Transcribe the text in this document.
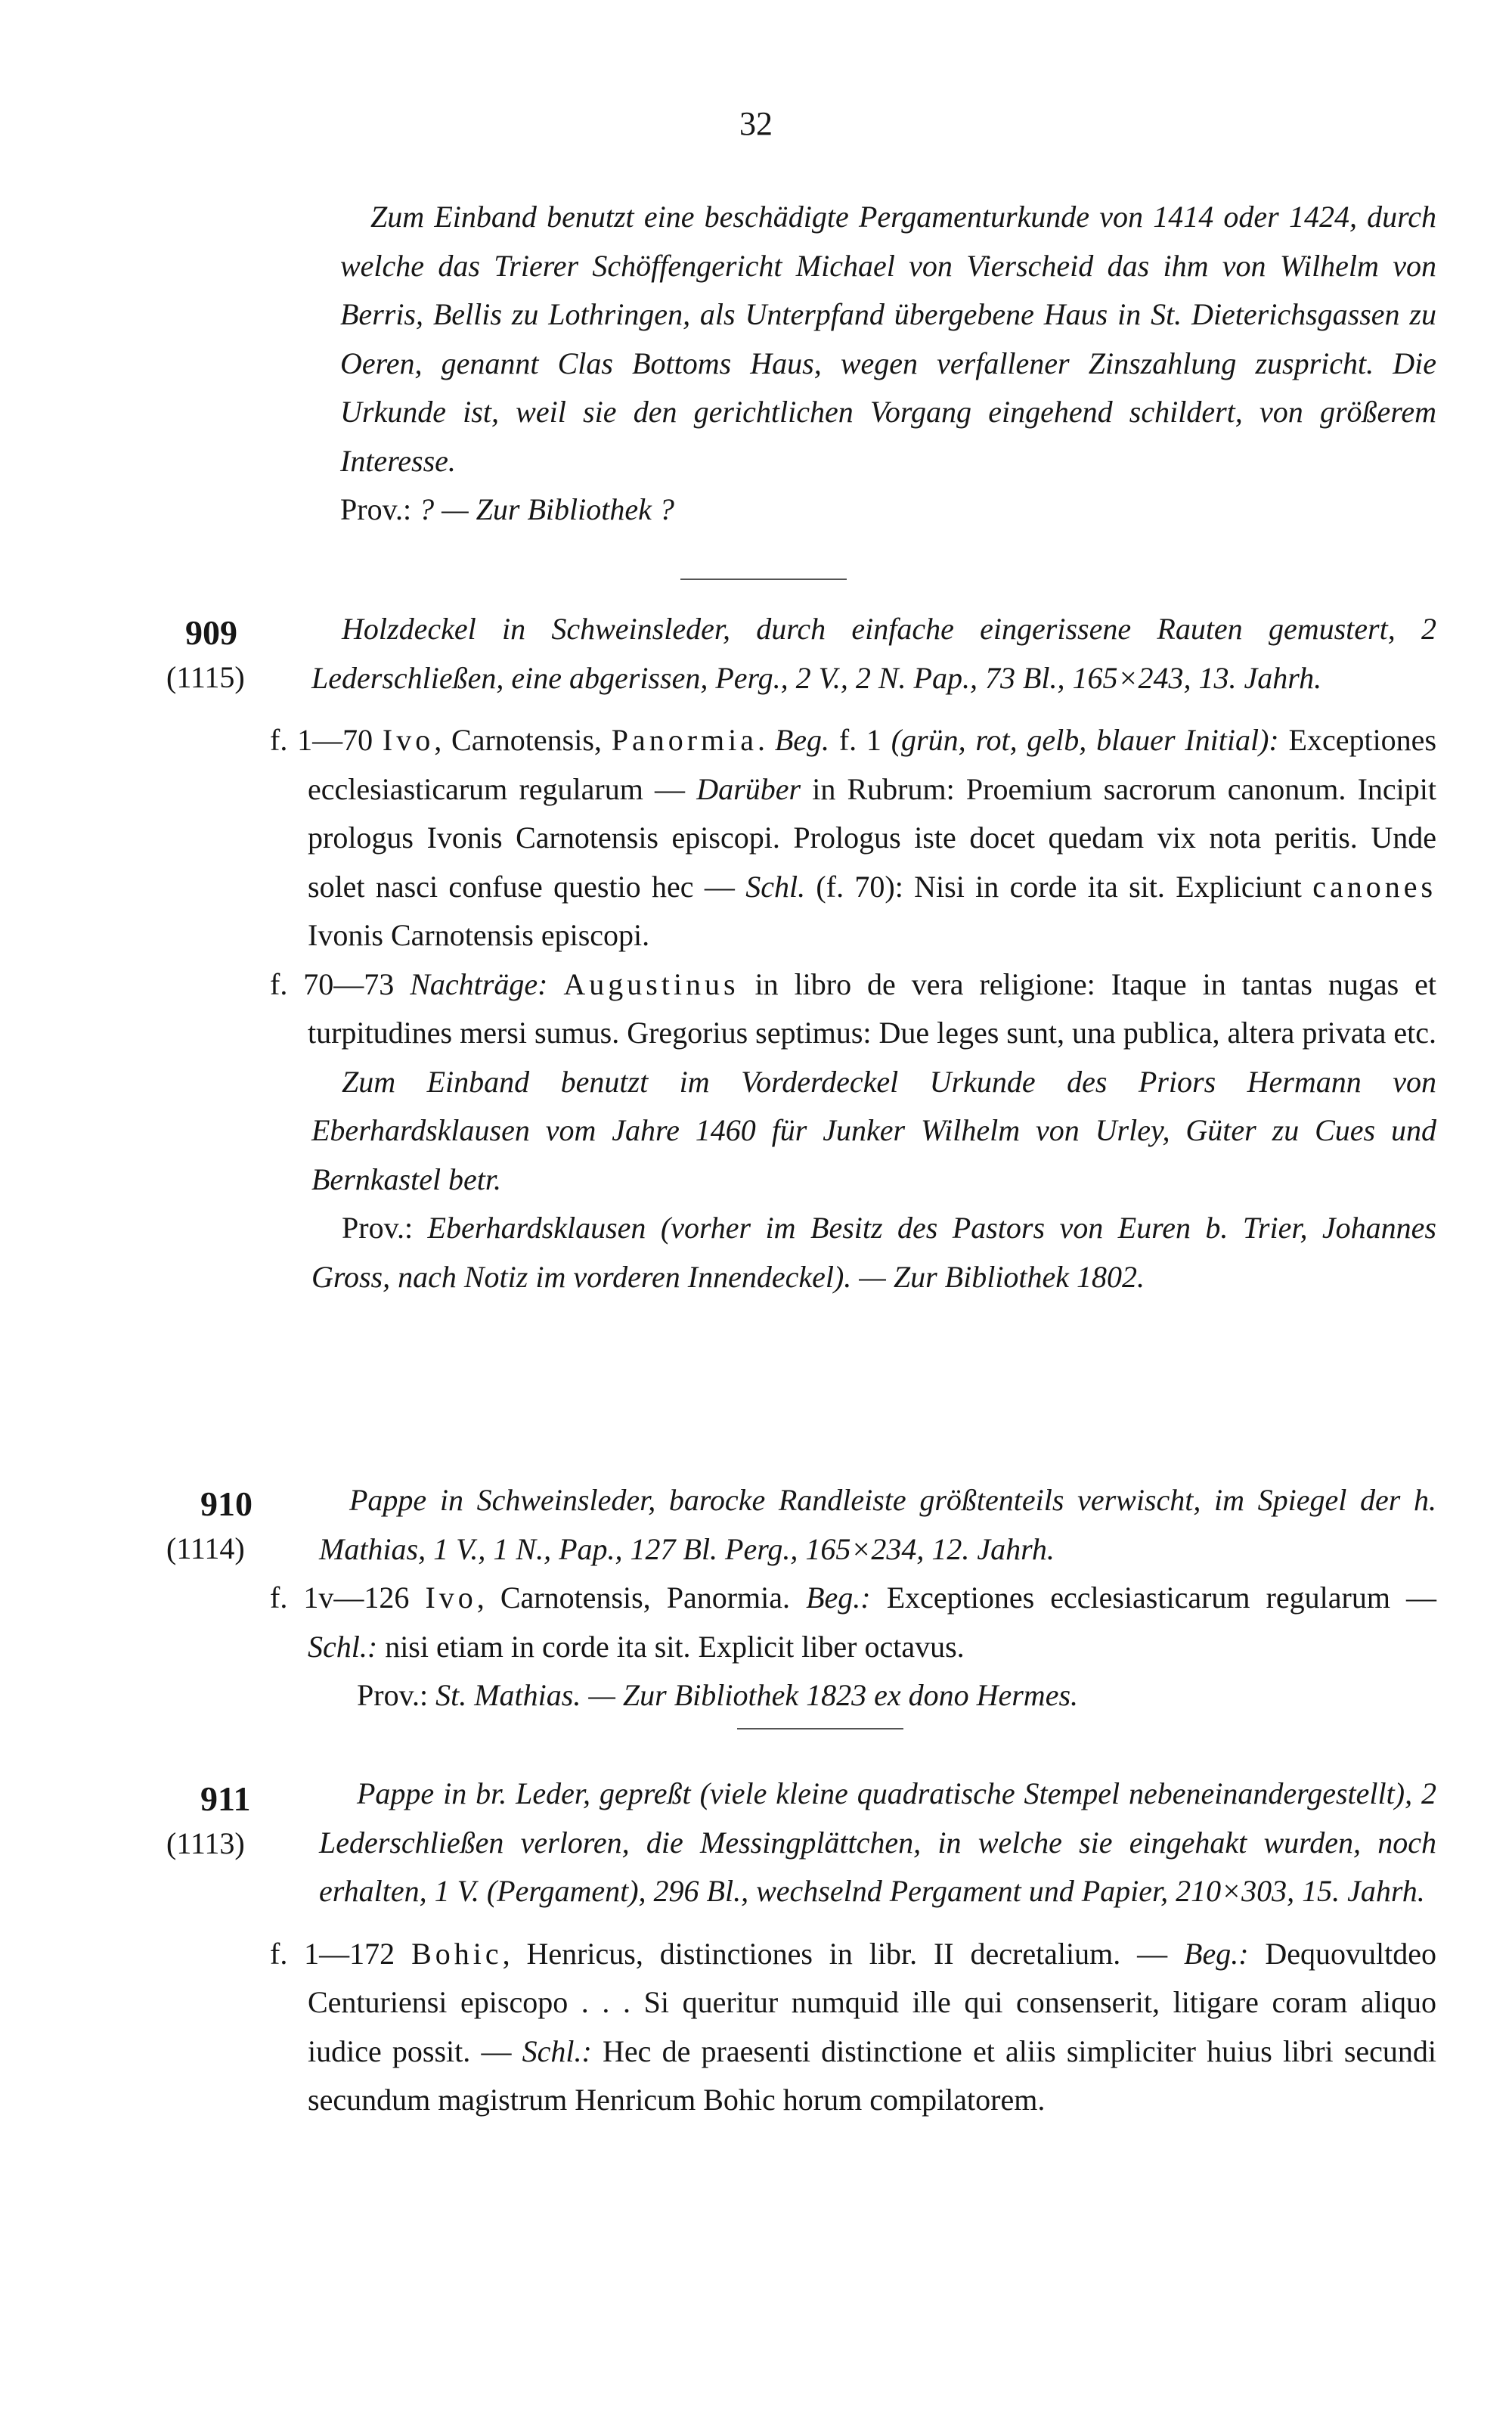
32

Zum Einband benutzt eine beschädigte Pergamenturkunde von 1414 oder 1424, durch welche das Trierer Schöffengericht Michael von Vierscheid das ihm von Wilhelm von Berris, Bellis zu Lothringen, als Unterpfand übergebene Haus in St. Dieterichsgassen zu Oeren, genannt Clas Bottoms Haus, wegen verfallener Zinszahlung zuspricht. Die Urkunde ist, weil sie den gerichtlichen Vorgang eingehend schildert, von größerem Interesse.

Prov.: ? — Zur Bibliothek ?

909
(1115)

Holzdeckel in Schweinsleder, durch einfache eingerissene Rauten gemustert, 2 Lederschließen, eine abgerissen, Perg., 2 V., 2 N. Pap., 73 Bl., 165×243, 13. Jahrh.

f. 1—70 Ivo, Carnotensis, Panormia. Beg. f. 1 (grün, rot, gelb, blauer Initial): Exceptiones ecclesiasticarum regularum — Darüber in Rubrum: Proemium sacrorum canonum. Incipit prologus Ivonis Carnotensis episcopi. Prologus iste docet quedam vix nota peritis. Unde solet nasci confuse questio hec — Schl. (f. 70): Nisi in corde ita sit. Expliciunt canones Ivonis Carnotensis episcopi.

f. 70—73 Nachträge: Augustinus in libro de vera religione: Itaque in tantas nugas et turpitudines mersi sumus. Gregorius septimus: Due leges sunt, una publica, altera privata etc.

Zum Einband benutzt im Vorderdeckel Urkunde des Priors Hermann von Eberhardsklausen vom Jahre 1460 für Junker Wilhelm von Urley, Güter zu Cues und Bernkastel betr.

Prov.: Eberhardsklausen (vorher im Besitz des Pastors von Euren b. Trier, Johannes Gross, nach Notiz im vorderen Innendeckel). — Zur Bibliothek 1802.

910
(1114)

Pappe in Schweinsleder, barocke Randleiste größtenteils verwischt, im Spiegel der h. Mathias, 1 V., 1 N., Pap., 127 Bl. Perg., 165×234, 12. Jahrh.

f. 1v—126 Ivo, Carnotensis, Panormia. Beg.: Exceptiones ecclesiasticarum regularum — Schl.: nisi etiam in corde ita sit. Explicit liber octavus.

Prov.: St. Mathias. — Zur Bibliothek 1823 ex dono Hermes.

911
(1113)

Pappe in br. Leder, gepreßt (viele kleine quadratische Stempel nebeneinandergestellt), 2 Lederschließen verloren, die Messingplättchen, in welche sie eingehakt wurden, noch erhalten, 1 V. (Pergament), 296 Bl., wechselnd Pergament und Papier, 210×303, 15. Jahrh.

f. 1—172 Bohic, Henricus, distinctiones in libr. II decretalium. — Beg.: Dequovultdeo Centuriensi episcopo . . . Si queritur numquid ille qui consenserit, litigare coram aliquo iudice possit. — Schl.: Hec de praesenti distinctione et aliis simpliciter huius libri secundi secundum magistrum Henricum Bohic horum compilatorem.
